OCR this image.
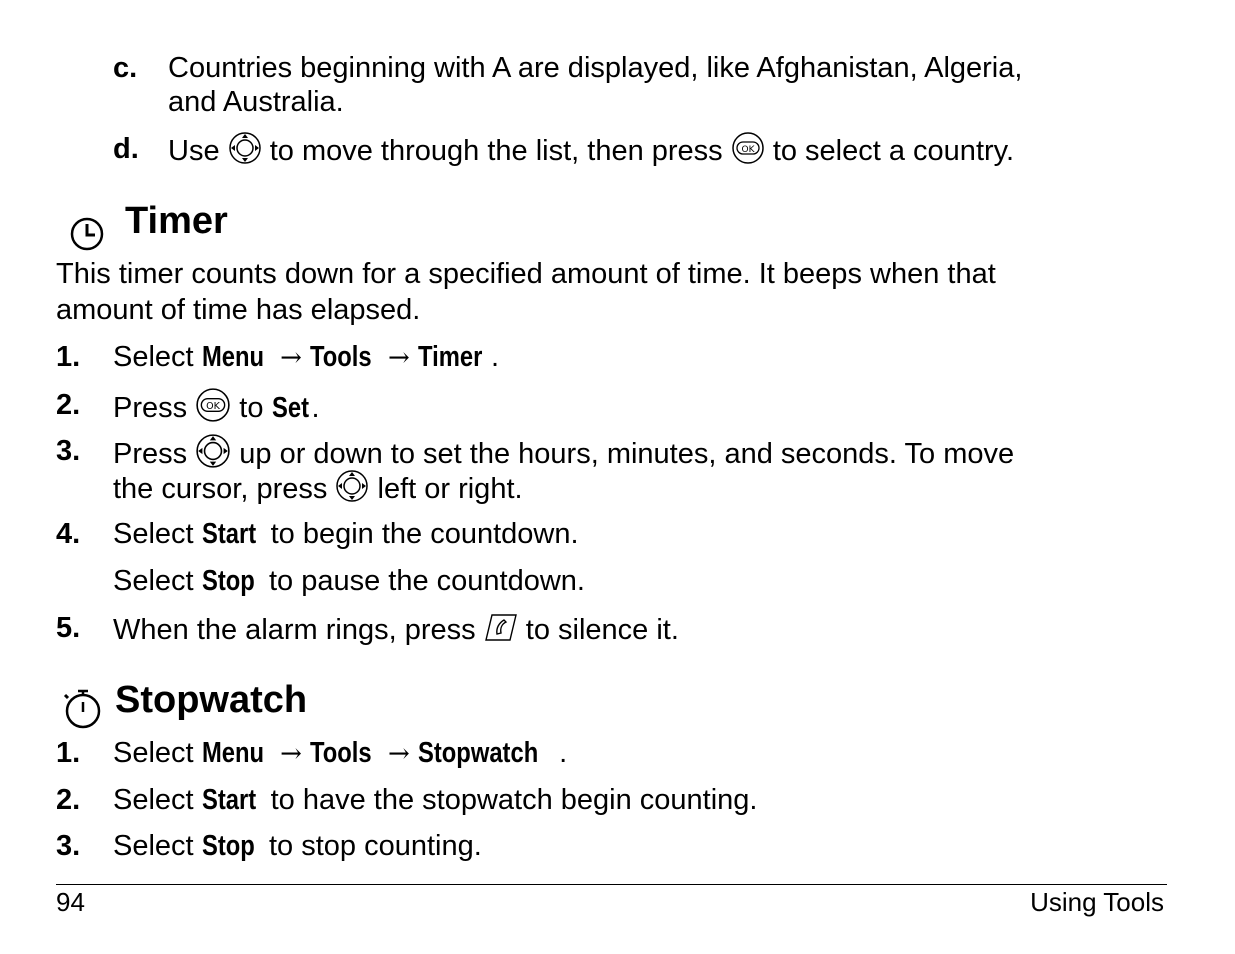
c. Countries beginning with A are displayed, like Afghanistan, Algeria,
and Australia.
d. Use to move through the list, then press OK to select a country.
Timer
This timer counts down for a specified amount of time. It beeps when that
amount of time has elapsed.
1. Select Menu → Tools → Timer .
2. Press OK to Set .
3. Press up or down to set the hours, minutes, and seconds. To move
the cursor, press left or right.
4. Select Start to begin the countdown.
Select Stop to pause the countdown.
5. When the alarm rings, press to silence it.
Stopwatch
1. Select Menu → Tools → Stopwatch .
2. Select Start to have the stopwatch begin counting.
3. Select Stop to stop counting.
94	Using Tools
